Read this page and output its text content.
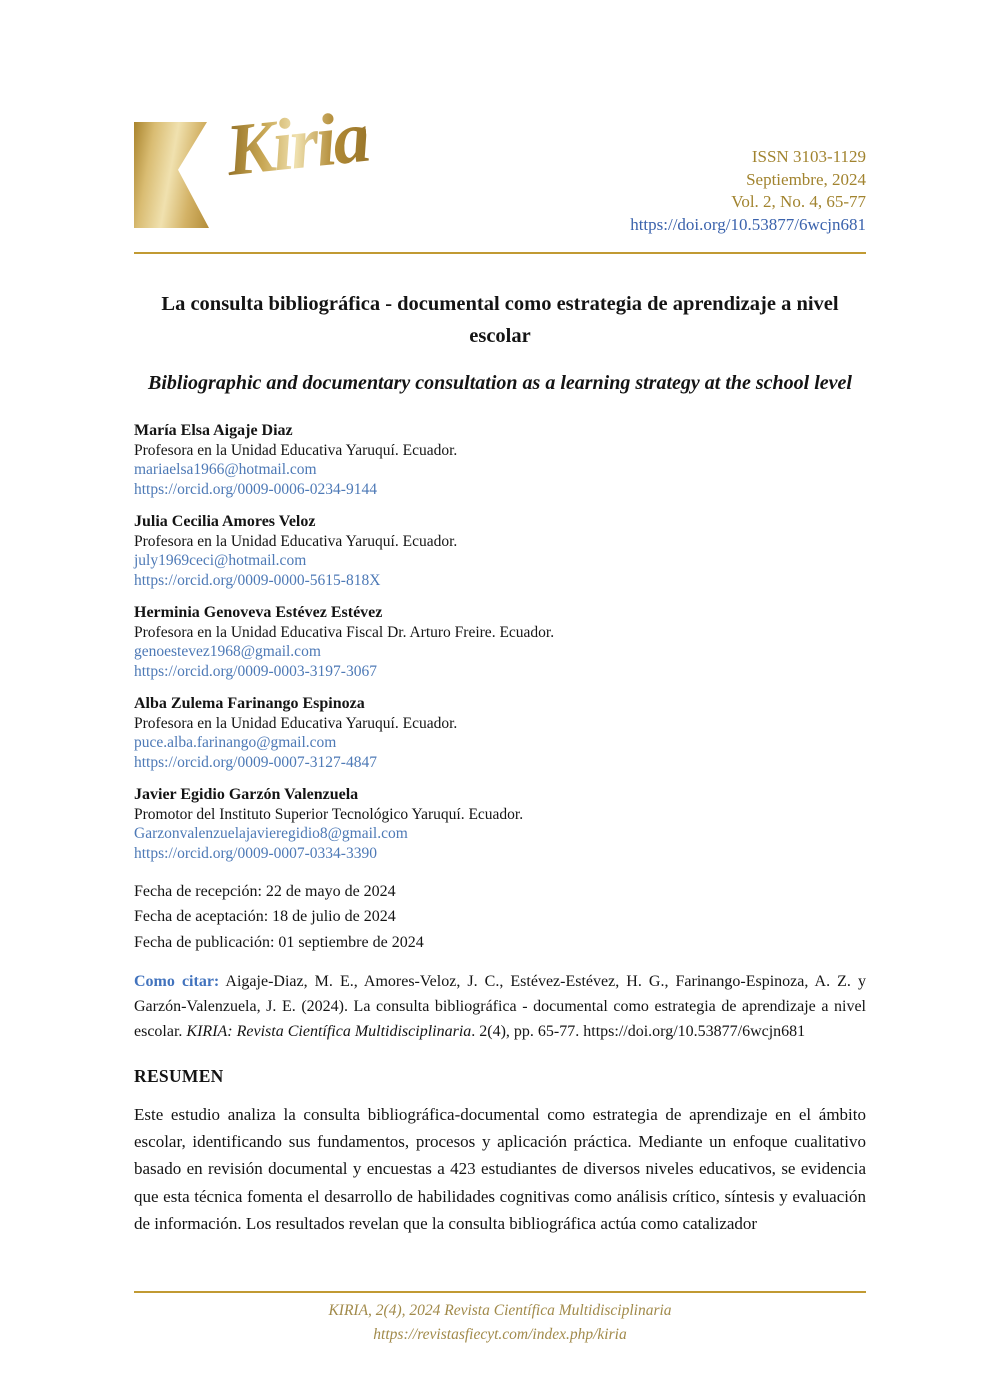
Kiria	ISSN 3103-1129
Septiembre, 2024
Vol. 2, No. 4, 65-77
https://doi.org/10.53877/6wcjn681
La consulta bibliográfica - documental como estrategia de aprendizaje a nivel escolar
Bibliographic and documentary consultation as a learning strategy at the school level
María Elsa Aigaje Diaz
Profesora en la Unidad Educativa Yaruquí. Ecuador.
mariaelsa1966@hotmail.com
https://orcid.org/0009-0006-0234-9144
Julia Cecilia Amores Veloz
Profesora en la Unidad Educativa Yaruquí. Ecuador.
july1969ceci@hotmail.com
https://orcid.org/0009-0000-5615-818X
Herminia Genoveva Estévez Estévez
Profesora en la Unidad Educativa Fiscal Dr. Arturo Freire. Ecuador.
genoestevez1968@gmail.com
https://orcid.org/0009-0003-3197-3067
Alba Zulema Farinango Espinoza
Profesora en la Unidad Educativa Yaruquí. Ecuador.
puce.alba.farinango@gmail.com
https://orcid.org/0009-0007-3127-4847
Javier Egidio Garzón Valenzuela
Promotor del Instituto Superior Tecnológico Yaruquí. Ecuador.
Garzonvalenzuelajavieregidio8@gmail.com
https://orcid.org/0009-0007-0334-3390
Fecha de recepción: 22 de mayo de 2024
Fecha de aceptación: 18 de julio de 2024
Fecha de publicación: 01 septiembre de 2024

Como citar: Aigaje-Diaz, M. E., Amores-Veloz, J. C., Estévez-Estévez, H. G., Farinango-Espinoza, A. Z. y Garzón-Valenzuela, J. E. (2024). La consulta bibliográfica - documental como estrategia de aprendizaje a nivel escolar. KIRIA: Revista Científica Multidisciplinaria. 2(4), pp. 65-77. https://doi.org/10.53877/6wcjn681

RESUMEN

Este estudio analiza la consulta bibliográfica-documental como estrategia de aprendizaje en el ámbito escolar, identificando sus fundamentos, procesos y aplicación práctica. Mediante un enfoque cualitativo basado en revisión documental y encuestas a 423 estudiantes de diversos niveles educativos, se evidencia que esta técnica fomenta el desarrollo de habilidades cognitivas como análisis crítico, síntesis y evaluación de información. Los resultados revelan que la consulta bibliográfica actúa como catalizador

KIRIA, 2(4), 2024 Revista Científica Multidisciplinaria
https://revistasfiecyt.com/index.php/kiria
